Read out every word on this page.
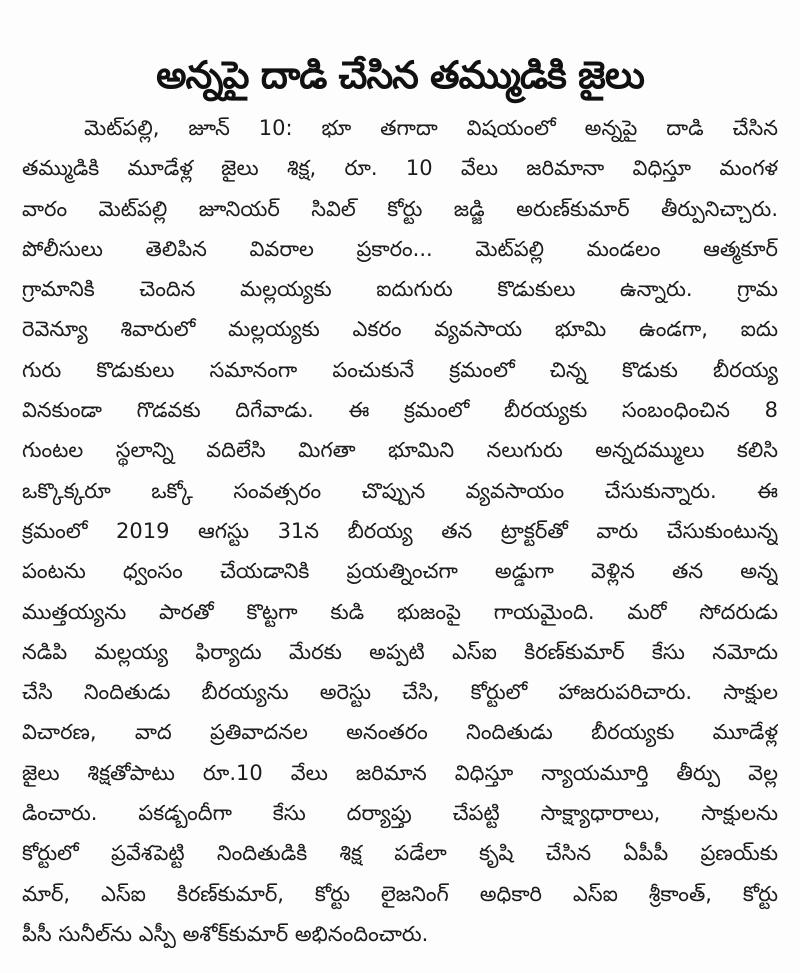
అన్నపై దాడి చేసిన తమ్ముడికి జైలు
మెట్‌పల్లి, జూన్ 10: భూ తగాదా విషయంలో అన్నపై దాడి చేసిన
తమ్ముడికి మూడేళ్ల జైలు శిక్ష, రూ. 10 వేలు జరిమానా విధిస్తూ మంగళ
వారం మెట్‌పల్లి జూనియర్ సివిల్ కోర్టు జడ్జి అరుణ్‌కుమార్ తీర్పునిచ్చారు.
పోలీసులు తెలిపిన వివరాల ప్రకారం... మెట్‌పల్లి మండలం ఆత్మకూర్
గ్రామానికి చెందిన మల్లయ్యకు ఐదుగురు కొడుకులు ఉన్నారు. గ్రామ
రెవెన్యూ శివారులో మల్లయ్యకు ఎకరం వ్యవసాయ భూమి ఉండగా, ఐదు
గురు కొడుకులు సమానంగా పంచుకునే క్రమంలో చిన్న కొడుకు బీరయ్య
వినకుండా గొడవకు దిగేవాడు. ఈ క్రమంలో బీరయ్యకు సంబంధించిన 8
గుంటల స్థలాన్ని వదిలేసి మిగతా భూమిని నలుగురు అన్నదమ్ములు కలిసి
ఒక్కొక్కరూ ఒక్కో సంవత్సరం చొప్పున వ్యవసాయం చేసుకున్నారు. ఈ
క్రమంలో 2019 ఆగస్టు 31న బీరయ్య తన ట్రాక్టర్‌తో వారు చేసుకుంటున్న
పంటను ధ్వంసం చేయడానికి ప్రయత్నించగా అడ్డుగా వెళ్లిన తన అన్న
ముత్తయ్యను పారతో కొట్టగా కుడి భుజంపై గాయమైంది. మరో సోదరుడు
నడిపి మల్లయ్య ఫిర్యాదు మేరకు అప్పటి ఎస్ఐ కిరణ్‌కుమార్ కేసు నమోదు
చేసి నిందితుడు బీరయ్యను అరెస్టు చేసి, కోర్టులో హాజరుపరిచారు. సాక్షుల
విచారణ, వాద ప్రతివాదనల అనంతరం నిందితుడు బీరయ్యకు మూడేళ్ల
జైలు శిక్షతోపాటు రూ.10 వేలు జరిమాన విధిస్తూ న్యాయమూర్తి తీర్పు వెల్ల
డించారు. పకడ్బందీగా కేసు దర్యాప్తు చేపట్టి సాక్ష్యాధారాలు, సాక్షులను
కోర్టులో ప్రవేశపెట్టి నిందితుడికి శిక్ష పడేలా కృషి చేసిన ఏపీపీ ప్రణయ్‌కు
మార్, ఎస్ఐ కిరణ్‌కుమార్, కోర్టు లైజనింగ్ అధికారి ఎస్ఐ శ్రీకాంత్, కోర్టు
పీసీ సునీల్‌ను ఎస్పీ అశోక్‌కుమార్ అభినందించారు.
